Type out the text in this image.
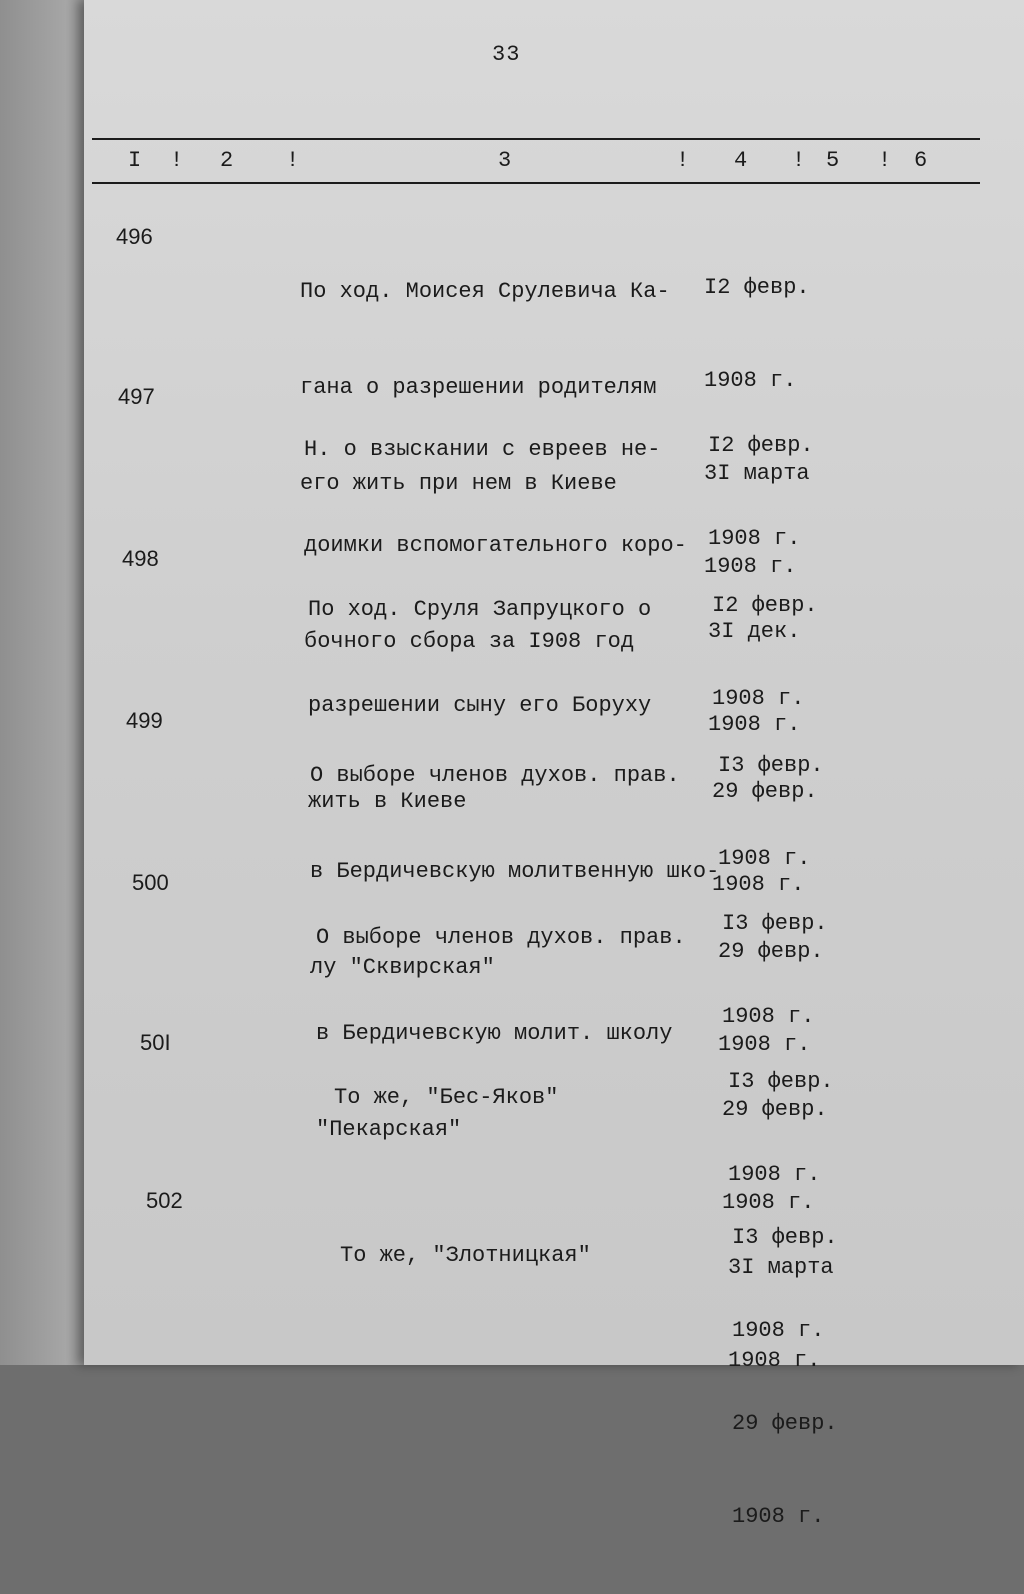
33
I ! 2 !	3	! 4 ! 5 ! 6
496

По ход. Моисея Срулевича Ка-

гана о разрешении родителям

его жить при нем в Киеве

I2 февр.

1908 г.

3I марта

1908 г.

497

Н. о взыскании с евреев не-

доимки вспомогательного коро-

бочного сбора за I908 год

I2 февр.

1908 г.

3I дек.

1908 г.

498

По ход. Сруля Запруцкого о

разрешении сыну его Боруху

жить в Киеве

I2 февр.

1908 г.

29 февр.

1908 г.

499

О выборе членов духов. прав.

в Бердичевскую молитвенную шко-

лу "Сквирская"

I3 февр.

1908 г.

29 февр.

1908 г.

500

О выборе членов духов. прав.

в Бердичевскую молит. школу

"Пекарская"

I3 февр.

1908 г.

29 февр.

1908 г.

50I

То же, "Бес-Яков"

I3 февр.

1908 г.

3I марта

1908 г.

502

То же, "Злотницкая"

I3 февр.

1908 г.

29 февр.

1908 г.
